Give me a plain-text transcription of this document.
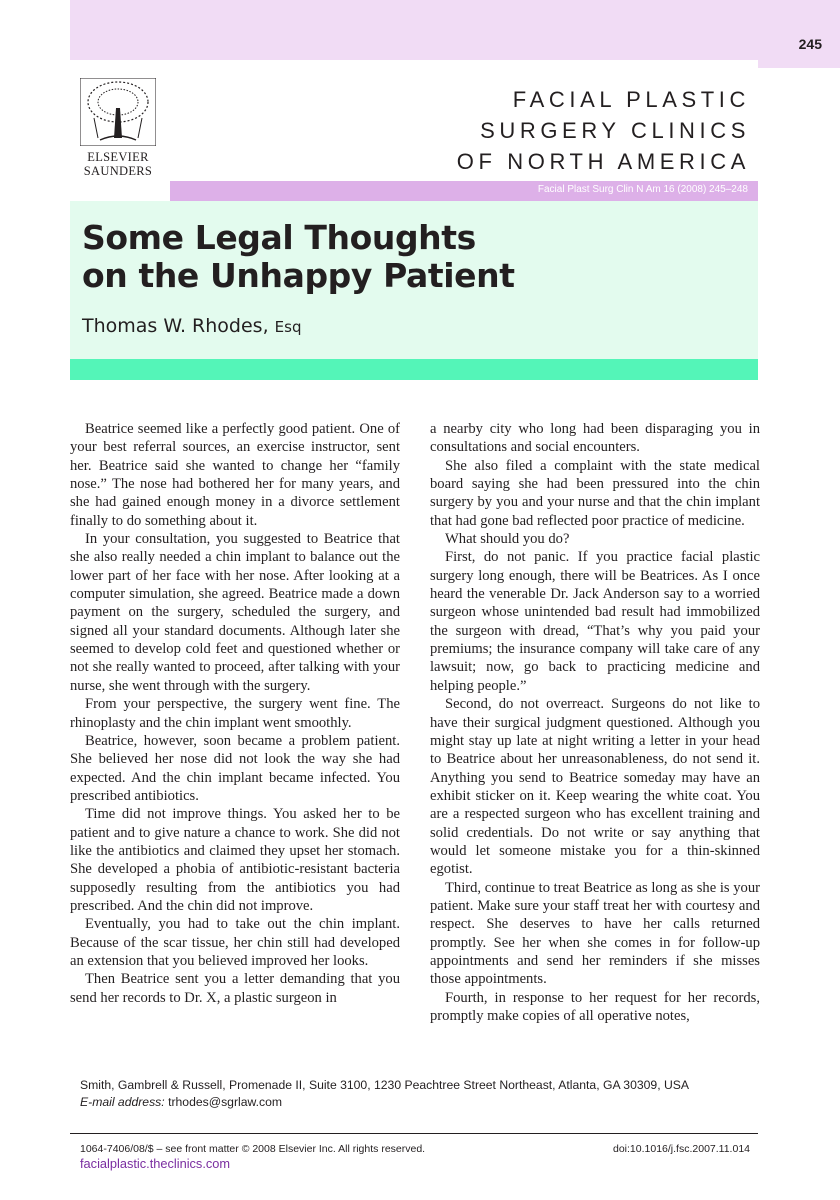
245
ELSEVIER
SAUNDERS
FACIAL PLASTIC
SURGERY CLINICS
OF NORTH AMERICA
Facial Plast Surg Clin N Am 16 (2008) 245–248
Some Legal Thoughts
on the Unhappy Patient
Thomas W. Rhodes, Esq

Beatrice seemed like a perfectly good patient. One of your best referral sources, an exercise instructor, sent her. Beatrice said she wanted to change her “family nose.” The nose had bothered her for many years, and she had gained enough money in a divorce settlement finally to do something about it.

In your consultation, you suggested to Beatrice that she also really needed a chin implant to balance out the lower part of her face with her nose. After looking at a computer simulation, she agreed. Beatrice made a down payment on the surgery, scheduled the surgery, and signed all your standard documents. Although later she seemed to develop cold feet and questioned whether or not she really wanted to proceed, after talking with your nurse, she went through with the surgery.

From your perspective, the surgery went fine. The rhinoplasty and the chin implant went smoothly.

Beatrice, however, soon became a problem patient. She believed her nose did not look the way she had expected. And the chin implant became infected. You prescribed antibiotics.

Time did not improve things. You asked her to be patient and to give nature a chance to work. She did not like the antibiotics and claimed they upset her stomach. She developed a phobia of antibiotic-resistant bacteria supposedly resulting from the antibiotics you had prescribed. And the chin did not improve.

Eventually, you had to take out the chin implant. Because of the scar tissue, her chin still had developed an extension that you believed improved her looks.

Then Beatrice sent you a letter demanding that you send her records to Dr. X, a plastic surgeon in

a nearby city who long had been disparaging you in consultations and social encounters.

She also filed a complaint with the state medical board saying she had been pressured into the chin surgery by you and your nurse and that the chin implant that had gone bad reflected poor practice of medicine.

What should you do?

First, do not panic. If you practice facial plastic surgery long enough, there will be Beatrices. As I once heard the venerable Dr. Jack Anderson say to a worried surgeon whose unintended bad result had immobilized the surgeon with dread, “That’s why you paid your premiums; the insurance company will take care of any lawsuit; now, go back to practicing medicine and helping people.”

Second, do not overreact. Surgeons do not like to have their surgical judgment questioned. Although you might stay up late at night writing a letter in your head to Beatrice about her unreasonableness, do not send it. Anything you send to Beatrice someday may have an exhibit sticker on it. Keep wearing the white coat. You are a respected surgeon who has excellent training and solid credentials. Do not write or say anything that would let someone mistake you for a thin-skinned egotist.

Third, continue to treat Beatrice as long as she is your patient. Make sure your staff treat her with courtesy and respect. She deserves to have her calls returned promptly. See her when she comes in for follow-up appointments and send her reminders if she misses those appointments.

Fourth, in response to her request for her records, promptly make copies of all operative notes,

Smith, Gambrell & Russell, Promenade II, Suite 3100, 1230 Peachtree Street Northeast, Atlanta, GA 30309, USA

E-mail address: trhodes@sgrlaw.com

1064-7406/08/$ – see front matter © 2008 Elsevier Inc. All rights reserved.	doi:10.1016/j.fsc.2007.11.014
facialplastic.theclinics.com
